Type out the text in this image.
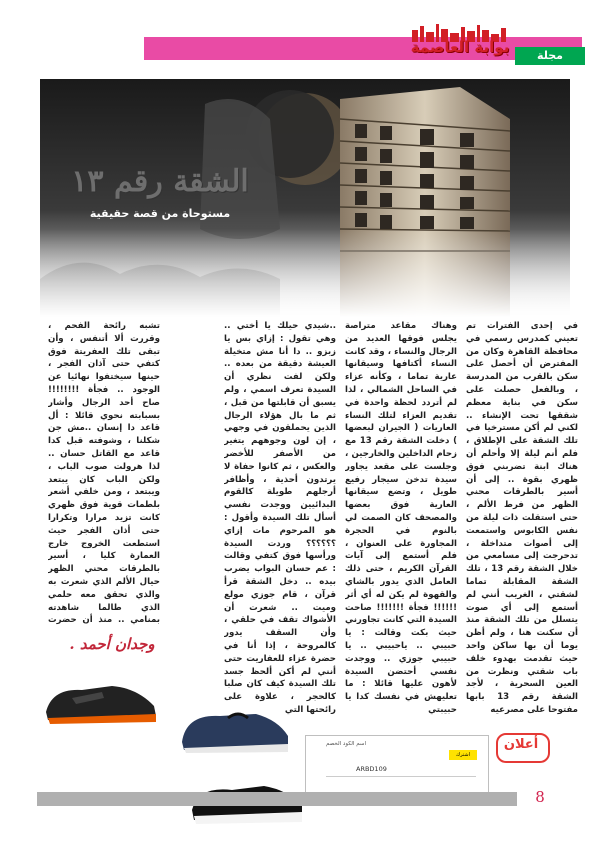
مجلة
بوابة العاصمة
الشقة رقم ١٣
مستوحاة من قصة حقيقية

في إحدى الفترات تم تعيني كمدرس رسمي في محافظة القاهرة وكان من المفترض أن أحصل على سكن بالقرب من المدرسة ، وبالفعل حصلت على سكن في بناية معظم شققها تحت الإنشاء .. لكني لم أكن مسترخيا في تلك الشقة على الإطلاق ، فلم أنم ليلة إلا وأحلم أن هناك ابنة تضربني فوق ظهري بقوة .. إلى أن أسير بالطرقات محني الظهر من فرط الألم ، حتى استقلت ذات ليلة من نفس الكابوس واستمعت إلى أصوات متداخلة ، تدحرجت إلى مسامعي من خلال الشقة رقم 13 ، تلك الشقة المقابلة تماما لشقتي ، الغريب أنني لم أستمع إلى أي صوت يتسلل من تلك الشقة منذ أن سكنت هنا ، ولم أظن يوما أن بها ساكن واحد حيث تقدمت بهدوء خلف باب شقتي ونظرت من العين السحرية ، لأجد الشقة رقم 13 بابها مفتوحا على مصرعيه

وهناك مقاعد متراصة يجلس فوقها العديد من الرجال والنساء ، وقد كانت النساء أكتافها وسيقانها عارية تماما ، وكأنه عزاء في الساحل الشمالي ، لذا لم أتردد لحظة واحدة في تقديم العزاء لتلك النساء العاريات ( الجيران لبعضها ) دخلت الشقة رقم 13 مع زحام الداخلين والخارجين ، وجلست على مقعد يجاور سيدة تدخن سيجار رفيع طويل ، وتضع سيقانها العارية فوق بعضها والمصحف كان الصمت لي بالنوم في الحجرة المجاورة على العنوان ، فلم أستمع إلى آيات القرآن الكريم ، حتى ذلك العامل الذي يدور بالشاي والقهوة لم يكن له أي أثر !!!!!! فجأة !!!!!!! صاحت السيدة التي كانت تجاورني حيث بكت وقالت : يا حبيبي .. ياحبيبي .. يا حبيبي جوزي .. ووجدت نفسي أحتضن السيدة لأهون عليها قائلا : ما تعليهش في نفسك كدا يا حبيبتي

..شيدي حيلك يا أختي .. وهي تقول : إزاي بس يا زبزو .. دا أنا مش متخيلة العيشة دقيقة من بعده .. ولكن لفت نظري أن السيدة تعرف اسمي ، ولم يسبق أن قابلتها من قبل ، ثم ما بال هؤلاء الرجال الذين يحملقون في وجهي ، إن لون وجوههم يتغير من الأصفر للأخضر والعكس ، ثم كانوا حفاة لا يرتدون أحذية ، وأظافر أرجلهم طويلة كالقوم البدائيين ووجدت نفسي أسأل تلك السيدة وأقول : هو المرحوم مات إزاي ؟؟؟؟؟؟ وردت السيدة ورأسها فوق كتفي وقالت : عم حسان البواب يضرب بيده .. دخل الشقة قرأ قرآن ، قام جوزي مولع وميت .. شعرت أن الأشواك تقف في حلقي ، وأن السقف يدور كالمروحة ، إذا أنا في حضرة عزاء للعفاريت حتى أنني لم أكن ألحظ جسد تلك السيدة كيف كان صلبا كالحجر ، علاوة على رائحتها التي

تشبه رائحة الفحم ، وقررت ألا أتنفس ، وأن تبقى تلك العفريتة فوق كتفي حتى آذان الفجر ، حينها سيختفوا نهائيا عن الوجود .. فجأة !!!!!!!! صاح أحد الرجال وأشار بسبابته نحوي قائلا : أل قاعد دا إنسان ..مش جن شكلنا ، وشوفته قبل كدا قاعد مع القاتل حسان .. لذا هرولت صوب الباب ، ولكن الباب كان يبتعد ويبتعد ، ومن خلفي أشعر بلطمات قوية فوق ظهري كانت تزيد مرارا وتكرارا حتى أذان الفجر حيث استطعت الخروج خارج العمارة كليا ، أسير بالطرقات محني الظهر حيال الألم الذي شعرت به والذي تحقق معه حلمي الذي طالما شاهدته بمنامي .. منذ أن حضرت

وجدان أحمد .
اسم الكود الخصم
اشترك
ARBD109
أعلان
8
